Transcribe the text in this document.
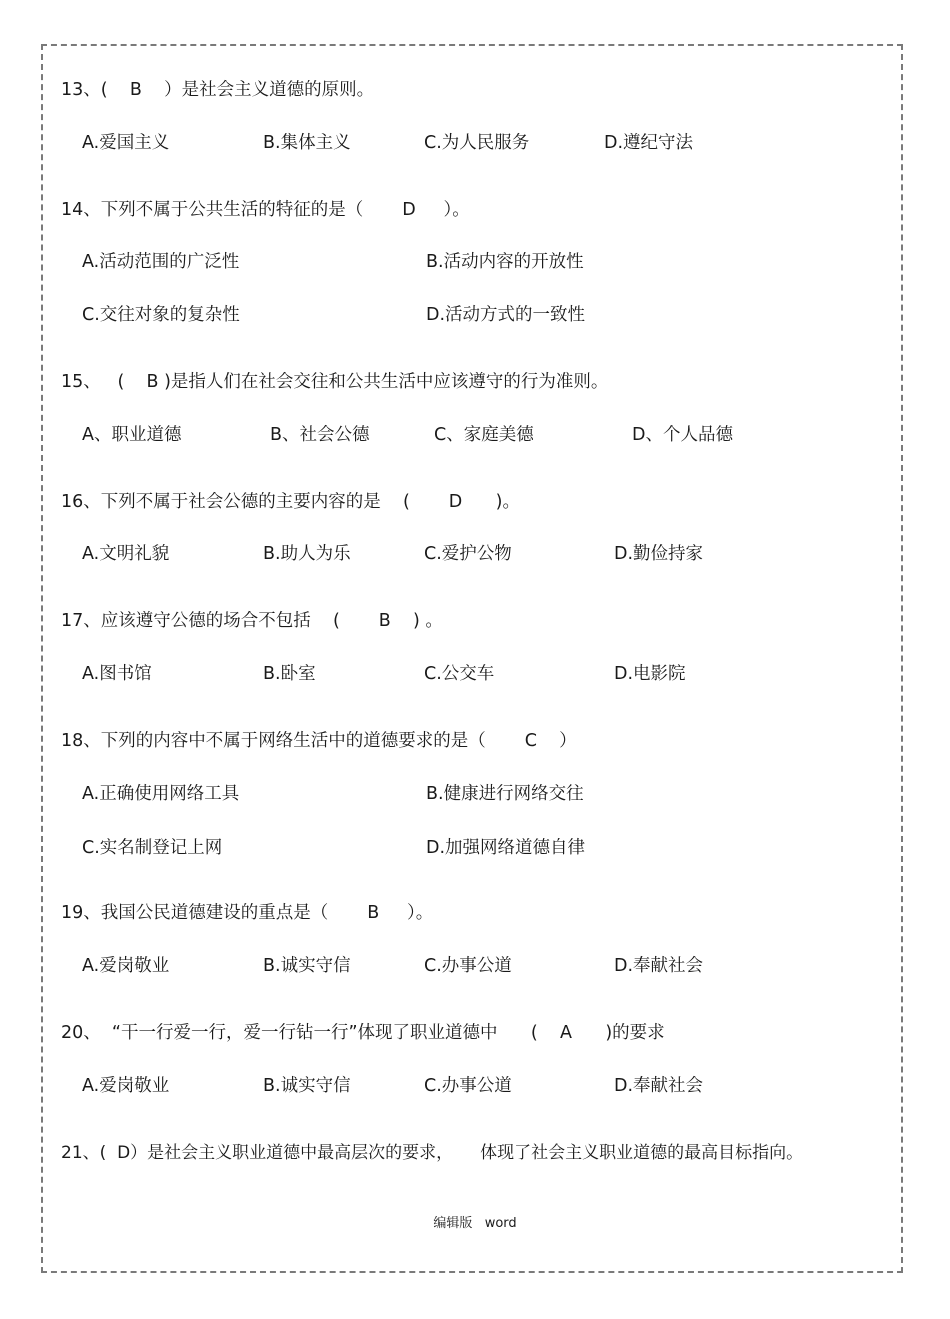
13、(    B    ）是社会主义道德的原则。
A.爱国主义	B.集体主义	C.为人民服务	D.遵纪守法
14、下列不属于公共生活的特征的是（       D     ）。
A.活动范围的广泛性	B.活动内容的开放性
C.交往对象的复杂性	D.活动方式的一致性
15、   (    B )是指人们在社会交往和公共生活中应该遵守的行为准则。
A、职业道德	B、社会公德	C、家庭美德	D、个人品德
16、下列不属于社会公德的主要内容的是    (       D      )。
A.文明礼貌	B.助人为乐	C.爱护公物	D.勤俭持家
17、应该遵守公德的场合不包括    (       B    ) 。
A.图书馆	B.卧室	C.公交车	D.电影院
18、下列的内容中不属于网络生活中的道德要求的是（       C    ）
A.正确使用网络工具	B.健康进行网络交往
C.实名制登记上网	D.加强网络道德自律
19、我国公民道德建设的重点是（       B     ）。
A.爱岗敬业	B.诚实守信	C.办事公道	D.奉献社会
20、  “干一行爱一行，爱一行钻一行”体现了职业道德中      (    A      )的要求
A.爱岗敬业	B.诚实守信	C.办事公道	D.奉献社会
21、(  D）是社会主义职业道德中最高层次的要求，     体现了社会主义职业道德的最高目标指向。
编辑版   word
